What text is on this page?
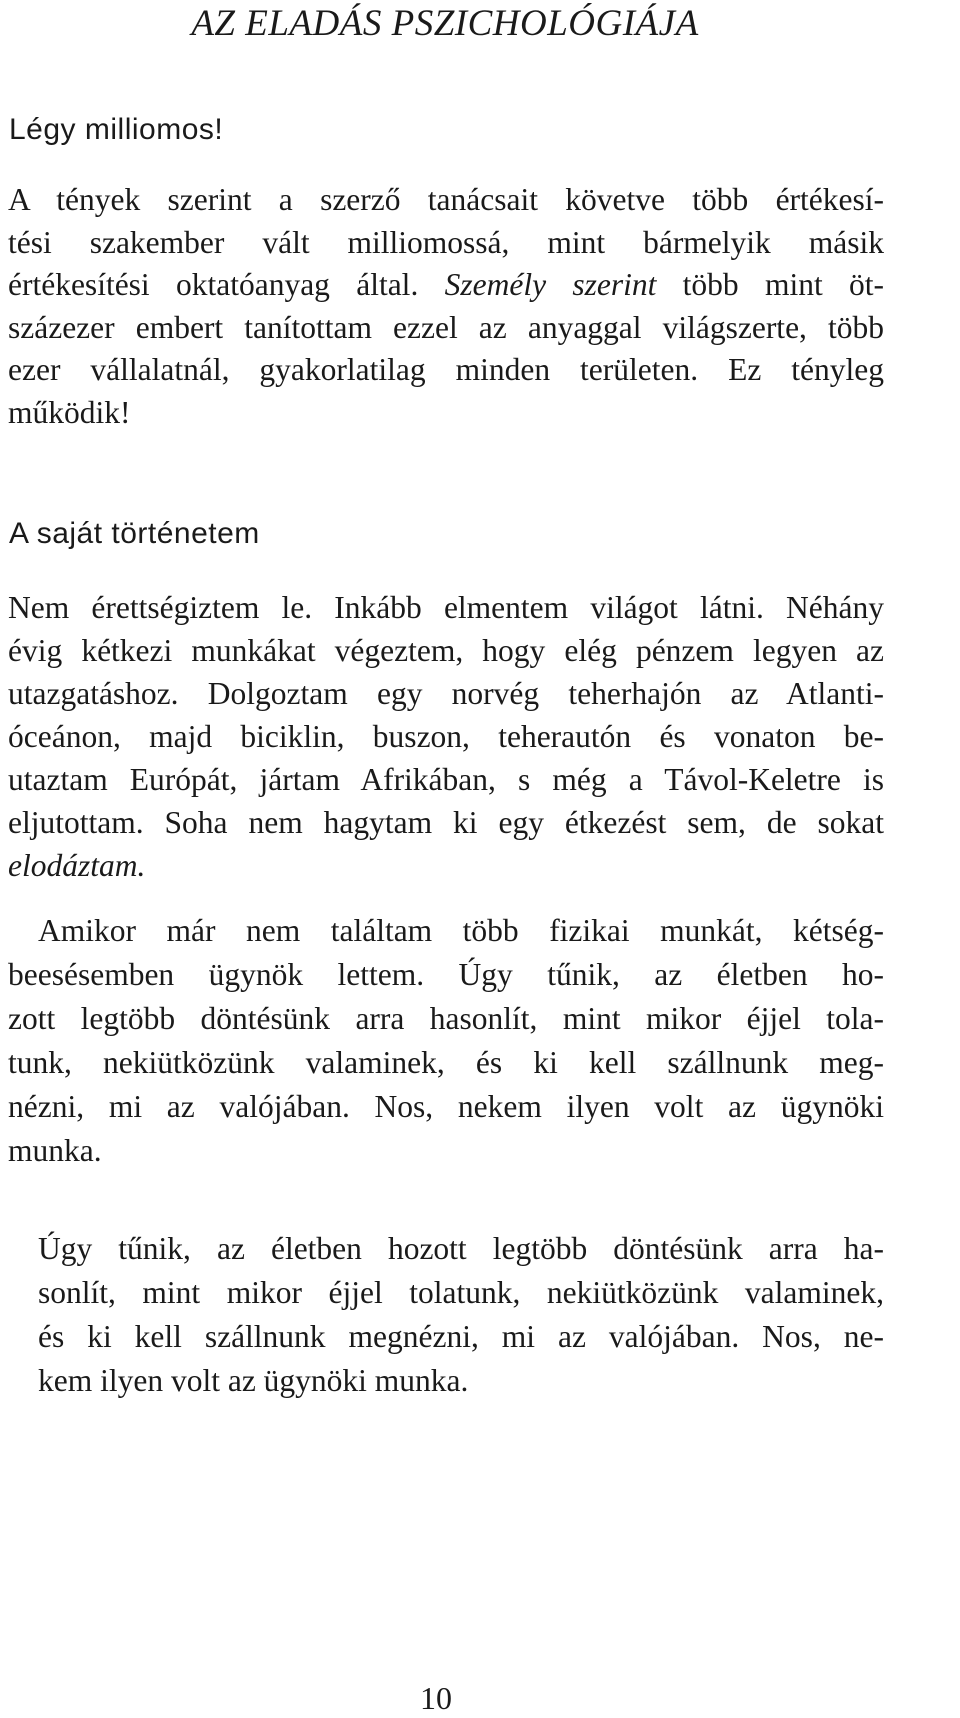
AZ ELADÁS PSZICHOLÓGIÁJA
Légy milliomos!
A tények szerint a szerző tanácsait követve több értékesí-
tési szakember vált milliomossá, mint bármelyik másik
értékesítési oktatóanyag által. Személy szerint több mint öt-
százezer embert tanítottam ezzel az anyaggal világszerte, több
ezer vállalatnál, gyakorlatilag minden területen. Ez tényleg
működik!
A saját történetem
Nem érettségiztem le. Inkább elmentem világot látni. Néhány
évig kétkezi munkákat végeztem, hogy elég pénzem legyen az
utazgatáshoz. Dolgoztam egy norvég teherhajón az Atlanti-
óceánon, majd biciklin, buszon, teherautón és vonaton be-
utaztam Európát, jártam Afrikában, s még a Távol-Keletre is
eljutottam. Soha nem hagytam ki egy étkezést sem, de sokat
elodáztam.
Amikor már nem találtam több fizikai munkát, kétség-
beesésemben ügynök lettem. Úgy tűnik, az életben ho-
zott legtöbb döntésünk arra hasonlít, mint mikor éjjel tola-
tunk, nekiütközünk valaminek, és ki kell szállnunk meg-
nézni, mi az valójában. Nos, nekem ilyen volt az ügynöki
munka.
Úgy tűnik, az életben hozott legtöbb döntésünk arra ha-
sonlít, mint mikor éjjel tolatunk, nekiütközünk valaminek,
és ki kell szállnunk megnézni, mi az valójában. Nos, ne-
kem ilyen volt az ügynöki munka.
10
